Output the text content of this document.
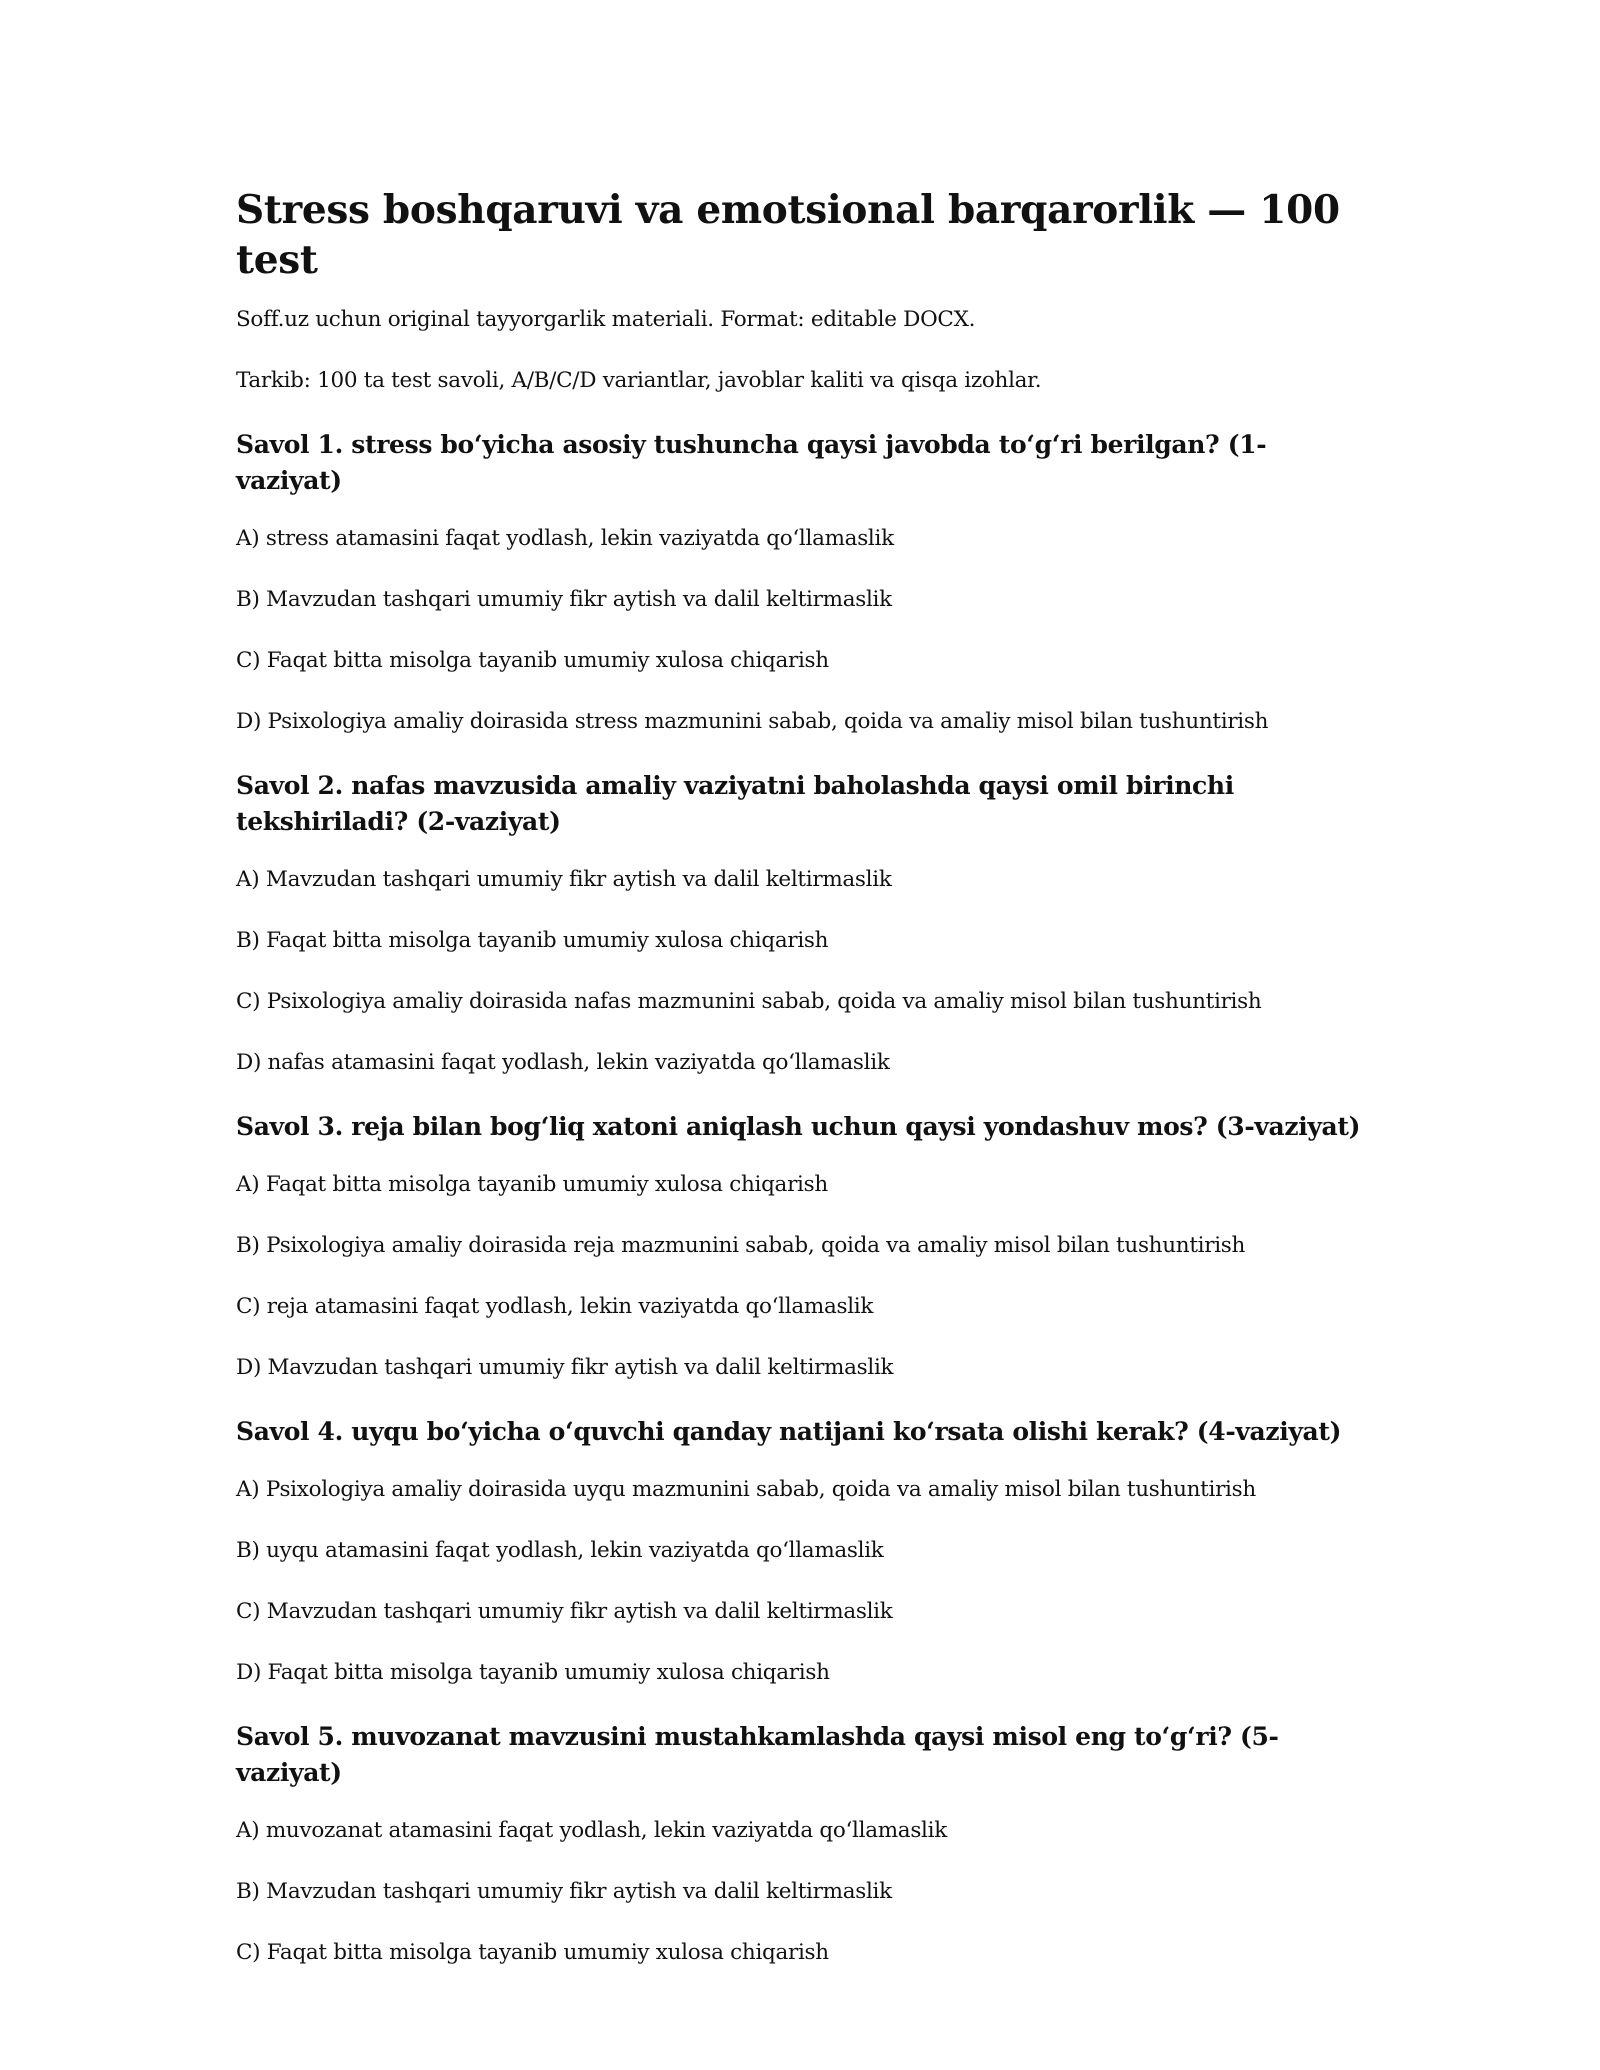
Stress boshqaruvi va emotsional barqarorlik — 100 test

Soff.uz uchun original tayyorgarlik materiali. Format: editable DOCX.

Tarkib: 100 ta test savoli, A/B/C/D variantlar, javoblar kaliti va qisqa izohlar.

Savol 1. stress bo‘yicha asosiy tushuncha qaysi javobda to‘g‘ri berilgan? (1-vaziyat)

A) stress atamasini faqat yodlash, lekin vaziyatda qo‘llamaslik

B) Mavzudan tashqari umumiy fikr aytish va dalil keltirmaslik

C) Faqat bitta misolga tayanib umumiy xulosa chiqarish

D) Psixologiya amaliy doirasida stress mazmunini sabab, qoida va amaliy misol bilan tushuntirish

Savol 2. nafas mavzusida amaliy vaziyatni baholashda qaysi omil birinchi tekshiriladi? (2-vaziyat)

A) Mavzudan tashqari umumiy fikr aytish va dalil keltirmaslik

B) Faqat bitta misolga tayanib umumiy xulosa chiqarish

C) Psixologiya amaliy doirasida nafas mazmunini sabab, qoida va amaliy misol bilan tushuntirish

D) nafas atamasini faqat yodlash, lekin vaziyatda qo‘llamaslik

Savol 3. reja bilan bog‘liq xatoni aniqlash uchun qaysi yondashuv mos? (3-vaziyat)

A) Faqat bitta misolga tayanib umumiy xulosa chiqarish

B) Psixologiya amaliy doirasida reja mazmunini sabab, qoida va amaliy misol bilan tushuntirish

C) reja atamasini faqat yodlash, lekin vaziyatda qo‘llamaslik

D) Mavzudan tashqari umumiy fikr aytish va dalil keltirmaslik

Savol 4. uyqu bo‘yicha o‘quvchi qanday natijani ko‘rsata olishi kerak? (4-vaziyat)

A) Psixologiya amaliy doirasida uyqu mazmunini sabab, qoida va amaliy misol bilan tushuntirish

B) uyqu atamasini faqat yodlash, lekin vaziyatda qo‘llamaslik

C) Mavzudan tashqari umumiy fikr aytish va dalil keltirmaslik

D) Faqat bitta misolga tayanib umumiy xulosa chiqarish

Savol 5. muvozanat mavzusini mustahkamlashda qaysi misol eng to‘g‘ri? (5-vaziyat)

A) muvozanat atamasini faqat yodlash, lekin vaziyatda qo‘llamaslik

B) Mavzudan tashqari umumiy fikr aytish va dalil keltirmaslik

C) Faqat bitta misolga tayanib umumiy xulosa chiqarish
